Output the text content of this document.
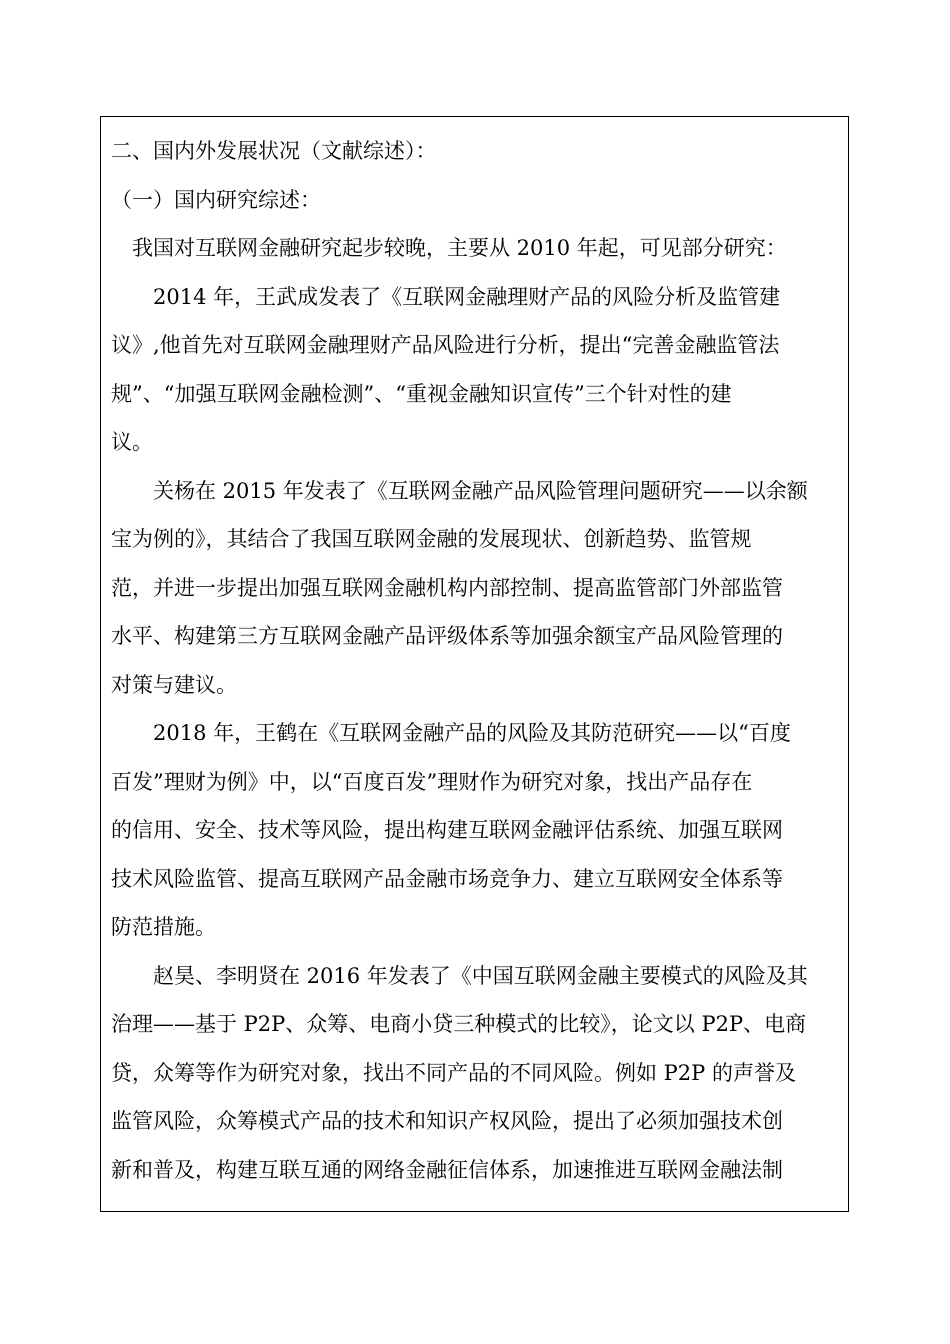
二、国内外发展状况（文献综述）：
（一）国内研究综述：
我国对互联网金融研究起步较晚，主要从 2010 年起，可见部分研究：
2014 年，王武成发表了《互联网金融理财产品的风险分析及监管建
议》,他首先对互联网金融理财产品风险进行分析，提出“完善金融监管法
规”、“加强互联网金融检测”、“重视金融知识宣传”三个针对性的建
议。
关杨在 2015 年发表了《互联网金融产品风险管理问题研究——以余额
宝为例的》，其结合了我国互联网金融的发展现状、创新趋势、监管规
范，并进一步提出加强互联网金融机构内部控制、提高监管部门外部监管
水平、构建第三方互联网金融产品评级体系等加强余额宝产品风险管理的
对策与建议。
2018 年，王鹤在《互联网金融产品的风险及其防范研究——以“百度
百发”理财为例》中，以“百度百发”理财作为研究对象，找出产品存在
的信用、安全、技术等风险，提出构建互联网金融评估系统、加强互联网
技术风险监管、提高互联网产品金融市场竞争力、建立互联网安全体系等
防范措施。
赵昊、李明贤在 2016 年发表了《中国互联网金融主要模式的风险及其
治理——基于 P2P、众筹、电商小贷三种模式的比较》，论文以 P2P、电商
贷，众筹等作为研究对象，找出不同产品的不同风险。例如 P2P 的声誉及
监管风险，众筹模式产品的技术和知识产权风险，提出了必须加强技术创
新和普及，构建互联互通的网络金融征信体系，加速推进互联网金融法制
